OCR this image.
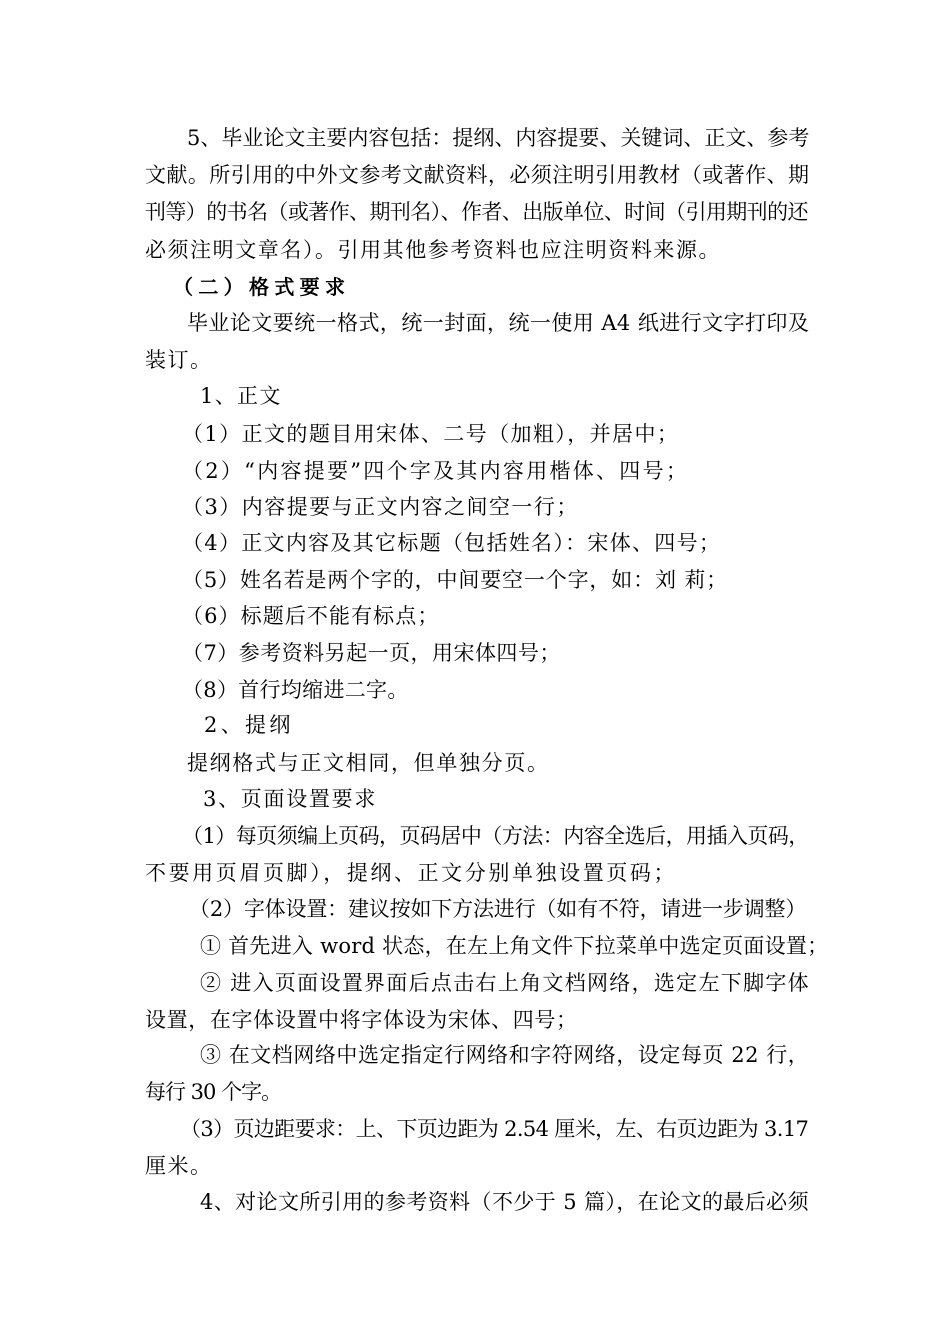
5、毕业论文主要内容包括：提纲、内容提要、关键词、正文、参考
文献。所引用的中外文参考文献资料，必须注明引用教材（或著作、期
刊等）的书名（或著作、期刊名）、作者、出版单位、时间（引用期刊的还
必须注明文章名）。引用其他参考资料也应注明资料来源。
（二）格式要求
毕业论文要统一格式，统一封面，统一使用 A4 纸进行文字打印及
装订。
1、正文
（1）正文的题目用宋体、二号（加粗），并居中；
（2）“内容提要”四个字及其内容用楷体、四号；
（3）内容提要与正文内容之间空一行；
（4）正文内容及其它标题（包括姓名）：宋体、四号；
（5）姓名若是两个字的，中间要空一个字，如：刘 莉；
（6）标题后不能有标点；
（7）参考资料另起一页，用宋体四号；
（8）首行均缩进二字。
2、提纲
提纲格式与正文相同，但单独分页。
3、页面设置要求
（1）每页须编上页码，页码居中（方法：内容全选后，用插入页码，
不要用页眉页脚），提纲、正文分别单独设置页码；
（2）字体设置：建议按如下方法进行（如有不符，请进一步调整）
① 首先进入 word 状态，在左上角文件下拉菜单中选定页面设置；
② 进入页面设置界面后点击右上角文档网络，选定左下脚字体
设置，在字体设置中将字体设为宋体、四号；
③ 在文档网络中选定指定行网络和字符网络，设定每页 22 行，
每行 30 个字。
（3）页边距要求：上、下页边距为 2.54 厘米，左、右页边距为 3.17
厘米。
4、对论文所引用的参考资料（不少于 5 篇），在论文的最后必须
